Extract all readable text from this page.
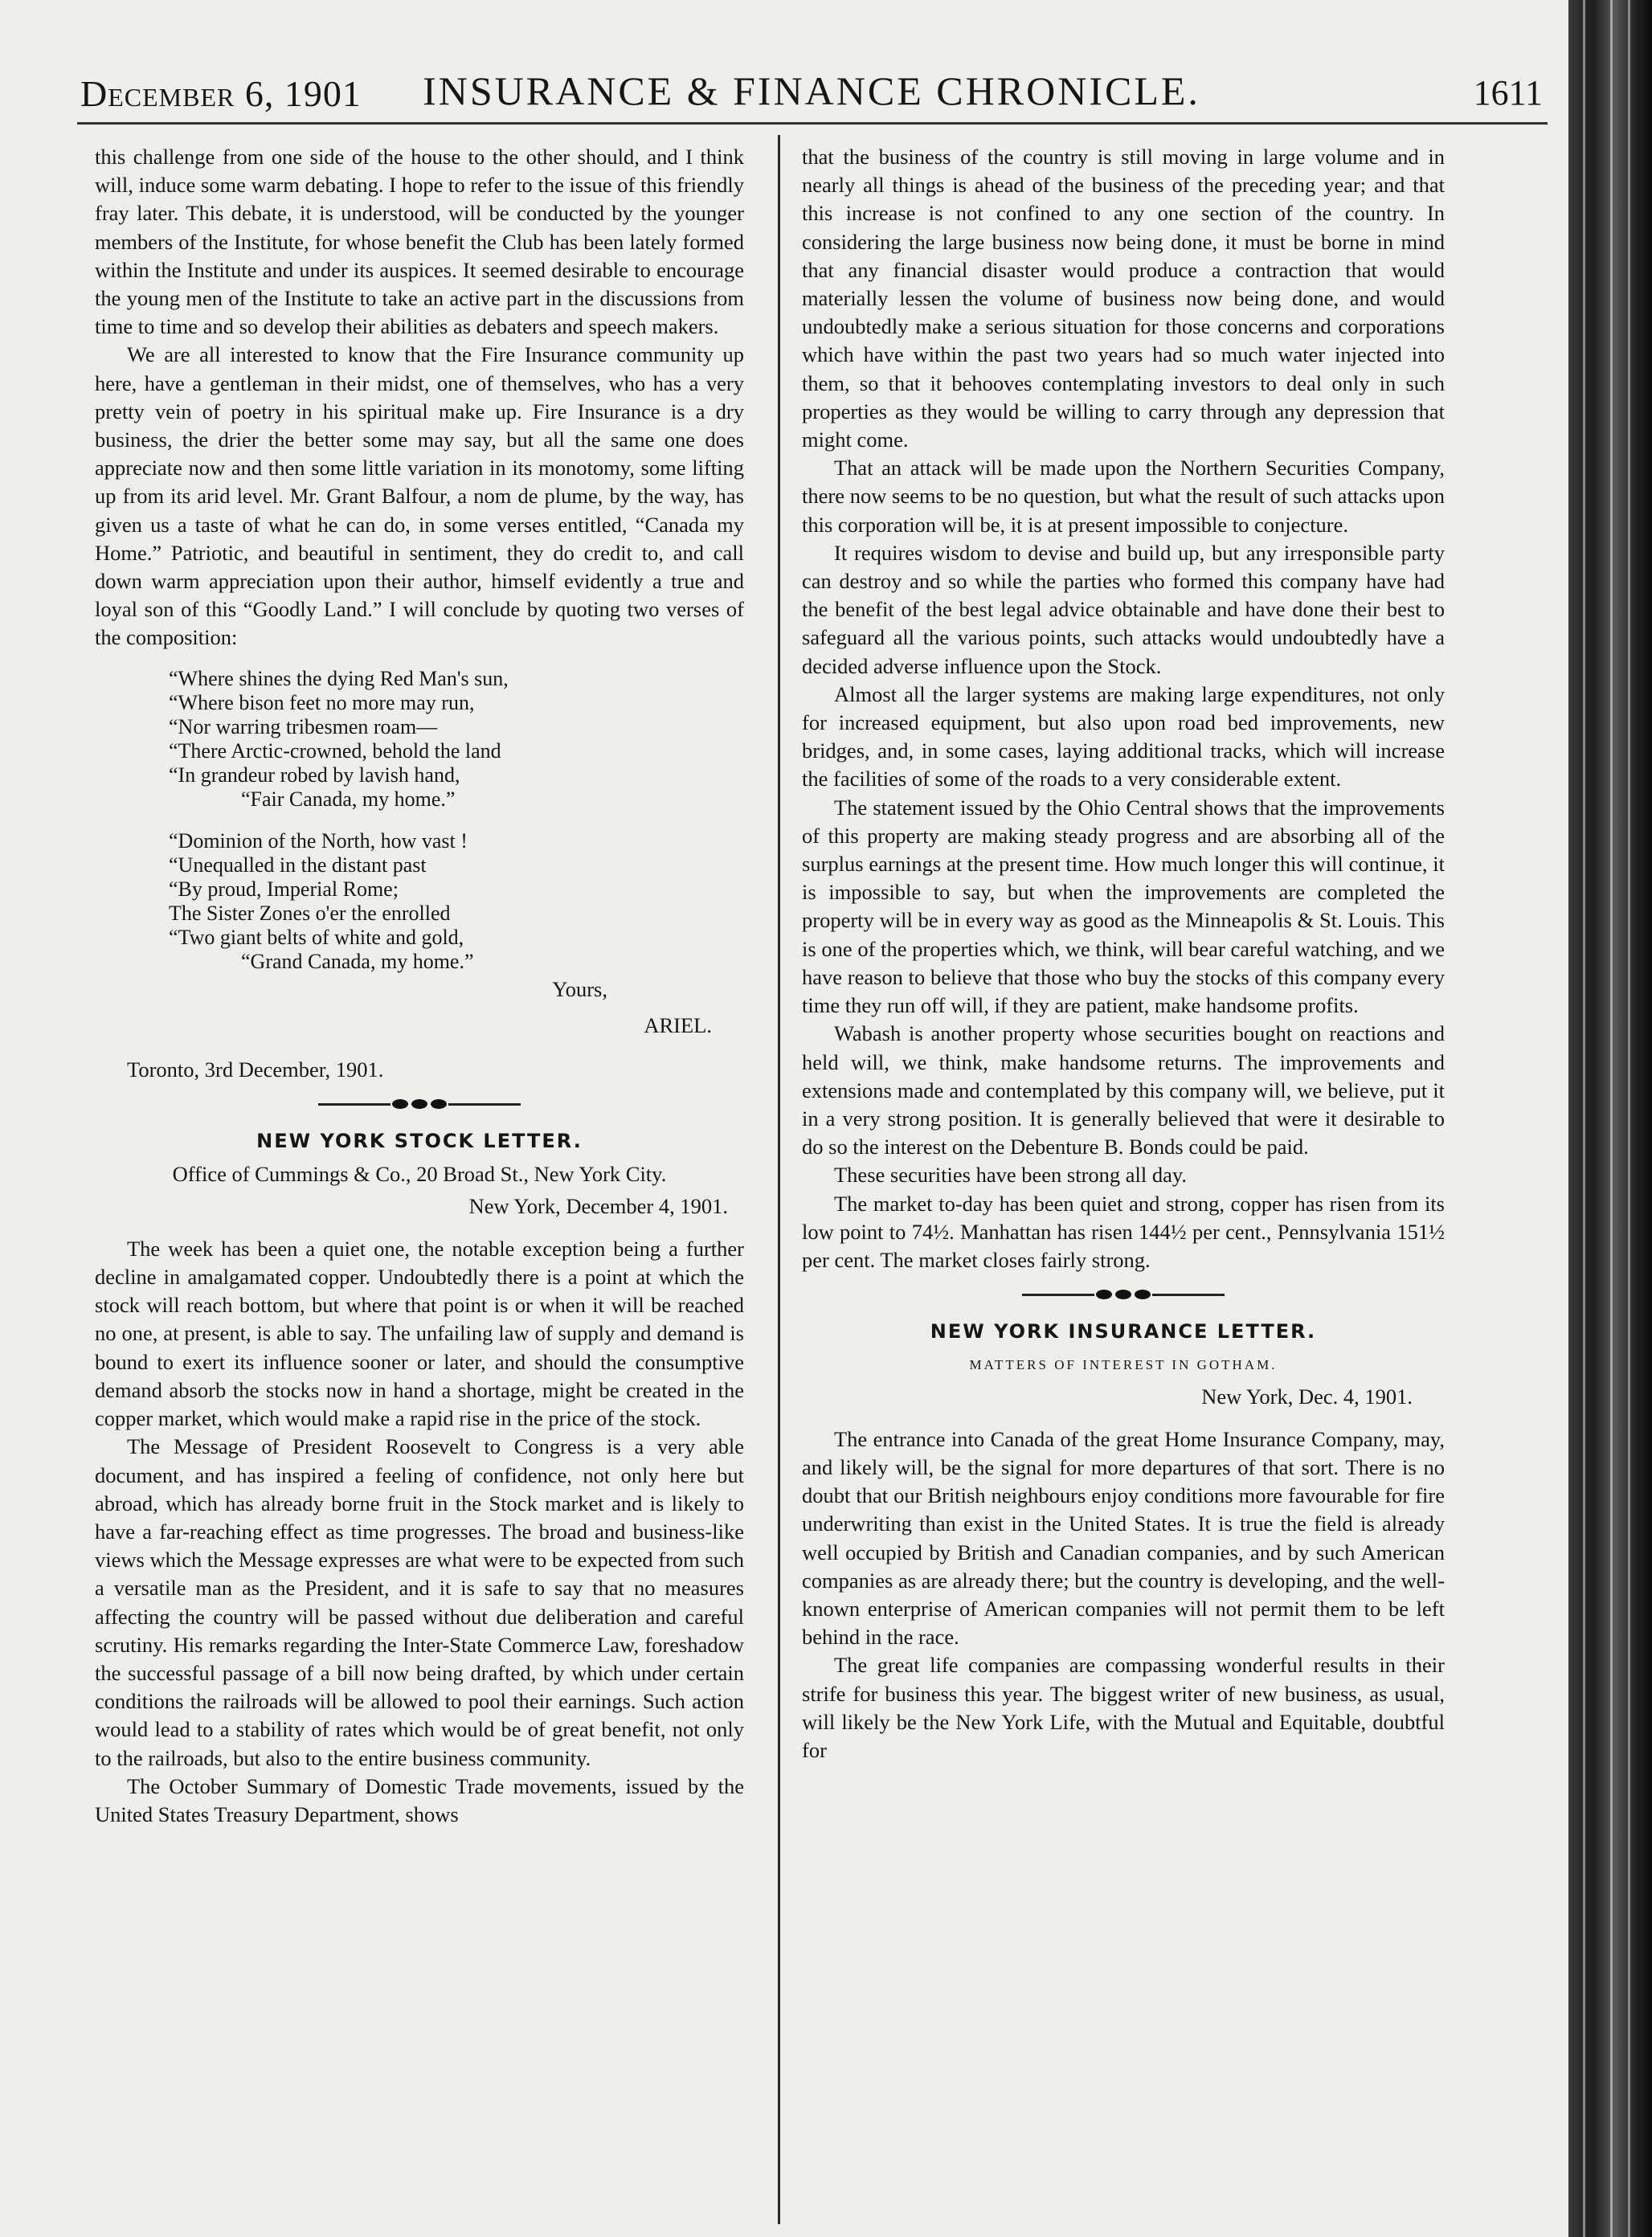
December 6, 1901	INSURANCE & FINANCE CHRONICLE.	1611

this challenge from one side of the house to the other should, and I think will, induce some warm debating. I hope to refer to the issue of this friendly fray later. This debate, it is understood, will be conducted by the younger members of the Institute, for whose benefit the Club has been lately formed within the Institute and under its auspices. It seemed desirable to encourage the young men of the Institute to take an active part in the discussions from time to time and so develop their abilities as debaters and speech makers.

We are all interested to know that the Fire Insurance community up here, have a gentleman in their midst, one of themselves, who has a very pretty vein of poetry in his spiritual make up. Fire Insurance is a dry business, the drier the better some may say, but all the same one does appreciate now and then some little variation in its monotomy, some lifting up from its arid level. Mr. Grant Balfour, a nom de plume, by the way, has given us a taste of what he can do, in some verses entitled, “Canada my Home.” Patriotic, and beautiful in sentiment, they do credit to, and call down warm appreciation upon their author, himself evidently a true and loyal son of this “Goodly Land.” I will conclude by quoting two verses of the composition:

“Where shines the dying Red Man's sun,
“Where bison feet no more may run,
“Nor warring tribesmen roam—
“There Arctic-crowned, behold the land
“In grandeur robed by lavish hand,
“Fair Canada, my home.”
“Dominion of the North, how vast !
“Unequalled in the distant past
“By proud, Imperial Rome;
The Sister Zones o'er the enrolled
“Two giant belts of white and gold,
“Grand Canada, my home.”
Yours,
ARIEL.
Toronto, 3rd December, 1901.
NEW YORK STOCK LETTER.
Office of Cummings & Co., 20 Broad St., New York City.
New York, December 4, 1901.

The week has been a quiet one, the notable exception being a further decline in amalgamated copper. Undoubtedly there is a point at which the stock will reach bottom, but where that point is or when it will be reached no one, at present, is able to say. The unfailing law of supply and demand is bound to exert its influence sooner or later, and should the consumptive demand absorb the stocks now in hand a shortage, might be created in the copper market, which would make a rapid rise in the price of the stock.

The Message of President Roosevelt to Congress is a very able document, and has inspired a feeling of confidence, not only here but abroad, which has already borne fruit in the Stock market and is likely to have a far-reaching effect as time progresses. The broad and business-like views which the Message expresses are what were to be expected from such a versatile man as the President, and it is safe to say that no measures affecting the country will be passed without due deliberation and careful scrutiny. His remarks regarding the Inter-State Commerce Law, foreshadow the successful passage of a bill now being drafted, by which under certain conditions the railroads will be allowed to pool their earnings. Such action would lead to a stability of rates which would be of great benefit, not only to the railroads, but also to the entire business community.

The October Summary of Domestic Trade movements, issued by the United States Treasury Department, shows

that the business of the country is still moving in large volume and in nearly all things is ahead of the business of the preceding year; and that this increase is not confined to any one section of the country. In considering the large business now being done, it must be borne in mind that any financial disaster would produce a contraction that would materially lessen the volume of business now being done, and would undoubtedly make a serious situation for those concerns and corporations which have within the past two years had so much water injected into them, so that it behooves contemplating investors to deal only in such properties as they would be willing to carry through any depression that might come.

That an attack will be made upon the Northern Securities Company, there now seems to be no question, but what the result of such attacks upon this corporation will be, it is at present impossible to conjecture.

It requires wisdom to devise and build up, but any irresponsible party can destroy and so while the parties who formed this company have had the benefit of the best legal advice obtainable and have done their best to safeguard all the various points, such attacks would undoubtedly have a decided adverse influence upon the Stock.

Almost all the larger systems are making large expenditures, not only for increased equipment, but also upon road bed improvements, new bridges, and, in some cases, laying additional tracks, which will increase the facilities of some of the roads to a very considerable extent.

The statement issued by the Ohio Central shows that the improvements of this property are making steady progress and are absorbing all of the surplus earnings at the present time. How much longer this will continue, it is impossible to say, but when the improvements are completed the property will be in every way as good as the Minneapolis & St. Louis. This is one of the properties which, we think, will bear careful watching, and we have reason to believe that those who buy the stocks of this company every time they run off will, if they are patient, make handsome profits.

Wabash is another property whose securities bought on reactions and held will, we think, make handsome returns. The improvements and extensions made and contemplated by this company will, we believe, put it in a very strong position. It is generally believed that were it desirable to do so the interest on the Debenture B. Bonds could be paid.

These securities have been strong all day.

The market to-day has been quiet and strong, copper has risen from its low point to 74½. Manhattan has risen 144½ per cent., Pennsylvania 151½ per cent. The market closes fairly strong.

NEW YORK INSURANCE LETTER.
MATTERS OF INTEREST IN GOTHAM.
New York, Dec. 4, 1901.

The entrance into Canada of the great Home Insurance Company, may, and likely will, be the signal for more departures of that sort. There is no doubt that our British neighbours enjoy conditions more favourable for fire underwriting than exist in the United States. It is true the field is already well occupied by British and Canadian companies, and by such American companies as are already there; but the country is developing, and the well-known enterprise of American companies will not permit them to be left behind in the race.

The great life companies are compassing wonderful results in their strife for business this year. The biggest writer of new business, as usual, will likely be the New York Life, with the Mutual and Equitable, doubtful for
